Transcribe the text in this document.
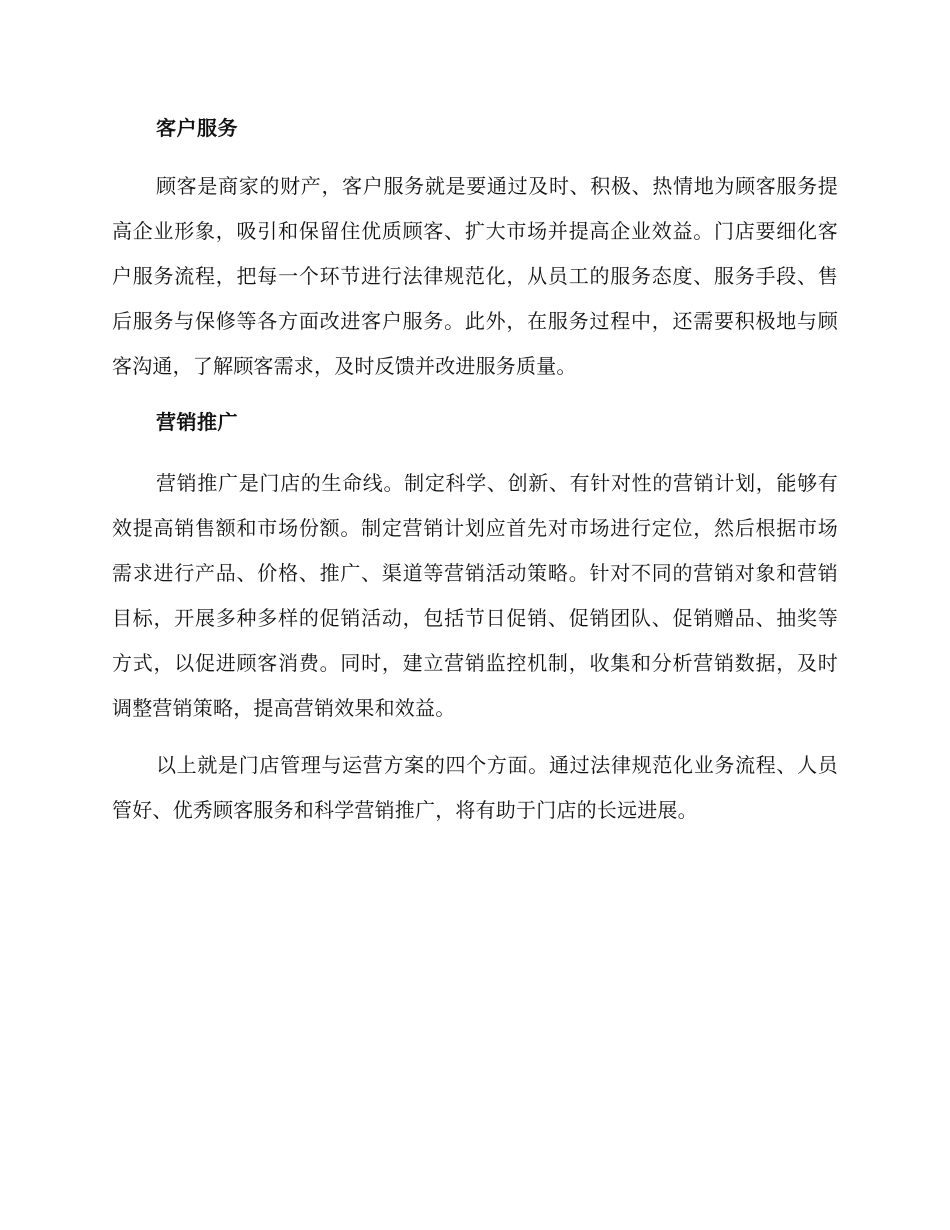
客户服务

顾客是商家的财产，客户服务就是要通过及时、积极、热情地为顾客服务提高企业形象，吸引和保留住优质顾客、扩大市场并提高企业效益。门店要细化客户服务流程，把每一个环节进行法律规范化，从员工的服务态度、服务手段、售后服务与保修等各方面改进客户服务。此外，在服务过程中，还需要积极地与顾客沟通，了解顾客需求，及时反馈并改进服务质量。

营销推广

营销推广是门店的生命线。制定科学、创新、有针对性的营销计划，能够有效提高销售额和市场份额。制定营销计划应首先对市场进行定位，然后根据市场需求进行产品、价格、推广、渠道等营销活动策略。针对不同的营销对象和营销目标，开展多种多样的促销活动，包括节日促销、促销团队、促销赠品、抽奖等方式，以促进顾客消费。同时，建立营销监控机制，收集和分析营销数据，及时调整营销策略，提高营销效果和效益。

以上就是门店管理与运营方案的四个方面。通过法律规范化业务流程、人员管好、优秀顾客服务和科学营销推广，将有助于门店的长远进展。
